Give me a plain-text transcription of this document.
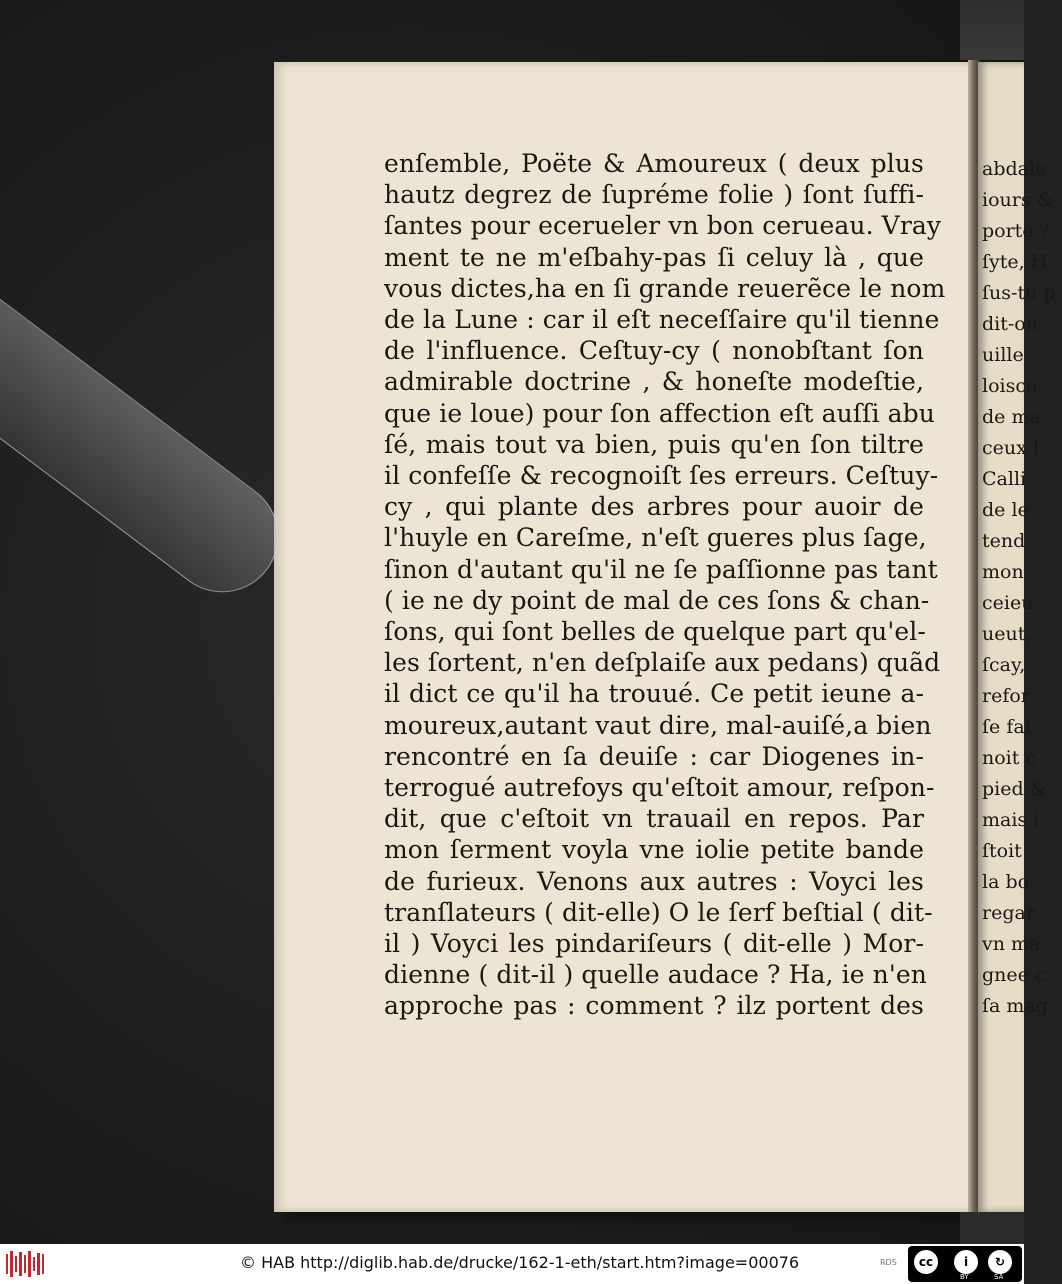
enſemble, Poëte & Amoureux ( deux plus
hautz degrez de ſupréme folie ) ſont ſuffi-
ſantes pour ecerueler vn bon cerueau. Vray
ment te ne m'eſbahy-pas ſi celuy là , que
vous dictes,ha en ſi grande reuerẽce le nom
de la Lune : car il eſt neceſſaire qu'il tienne
de l'influence. Ceſtuy-cy ( nonobſtant ſon
admirable doctrine , & honeſte modeſtie,
que ie loue) pour ſon affection eſt auſſi abu
ſé, mais tout va bien, puis qu'en ſon tiltre
il confeſſe & recognoiſt ſes erreurs. Ceſtuy-
cy , qui plante des arbres pour auoir de
l'huyle en Careſme, n'eſt gueres plus ſage,
ſinon d'autant qu'il ne ſe paſſionne pas tant
( ie ne dy point de mal de ces ſons & chan-
ſons, qui ſont belles de quelque part qu'el-
les ſortent, n'en deſplaiſe aux pedans) quãd
il dict ce qu'il ha trouué. Ce petit ieune a-
moureux,autant vaut dire, mal-auiſé,a bien
rencontré en ſa deuiſe : car Diogenes in-
terrogué autrefoys qu'eſtoit amour, reſpon-
dit, que c'eſtoit vn trauail en repos. Par
mon ſerment voyla vne iolie petite bande
de furieux. Venons aux autres : Voyci les
tranſlateurs ( dit-elle) O le ſerf beſtial ( dit-
il ) Voyci les pindariſeurs ( dit-elle ) Mor-
dienne ( dit-il ) quelle audace ? Ha, ie n'en
approche pas : comment ? ilz portent des
abdale
iours &
porte ?
ſyte, H
ſus-tu p
dit-on
uille
loisco
de ma
ceux l
Calli
de le
tend
mon
ceieu
ueut,
ſcay,
refor
ſe fai
noit c
pied &
mais i
ſtoit
la bo
regar
vn ma
gnee c
ſa mag
© HAB http://diglib.hab.de/drucke/162-1-eth/start.htm?image=00076	RDS	cc	i	↻
BY	SA
